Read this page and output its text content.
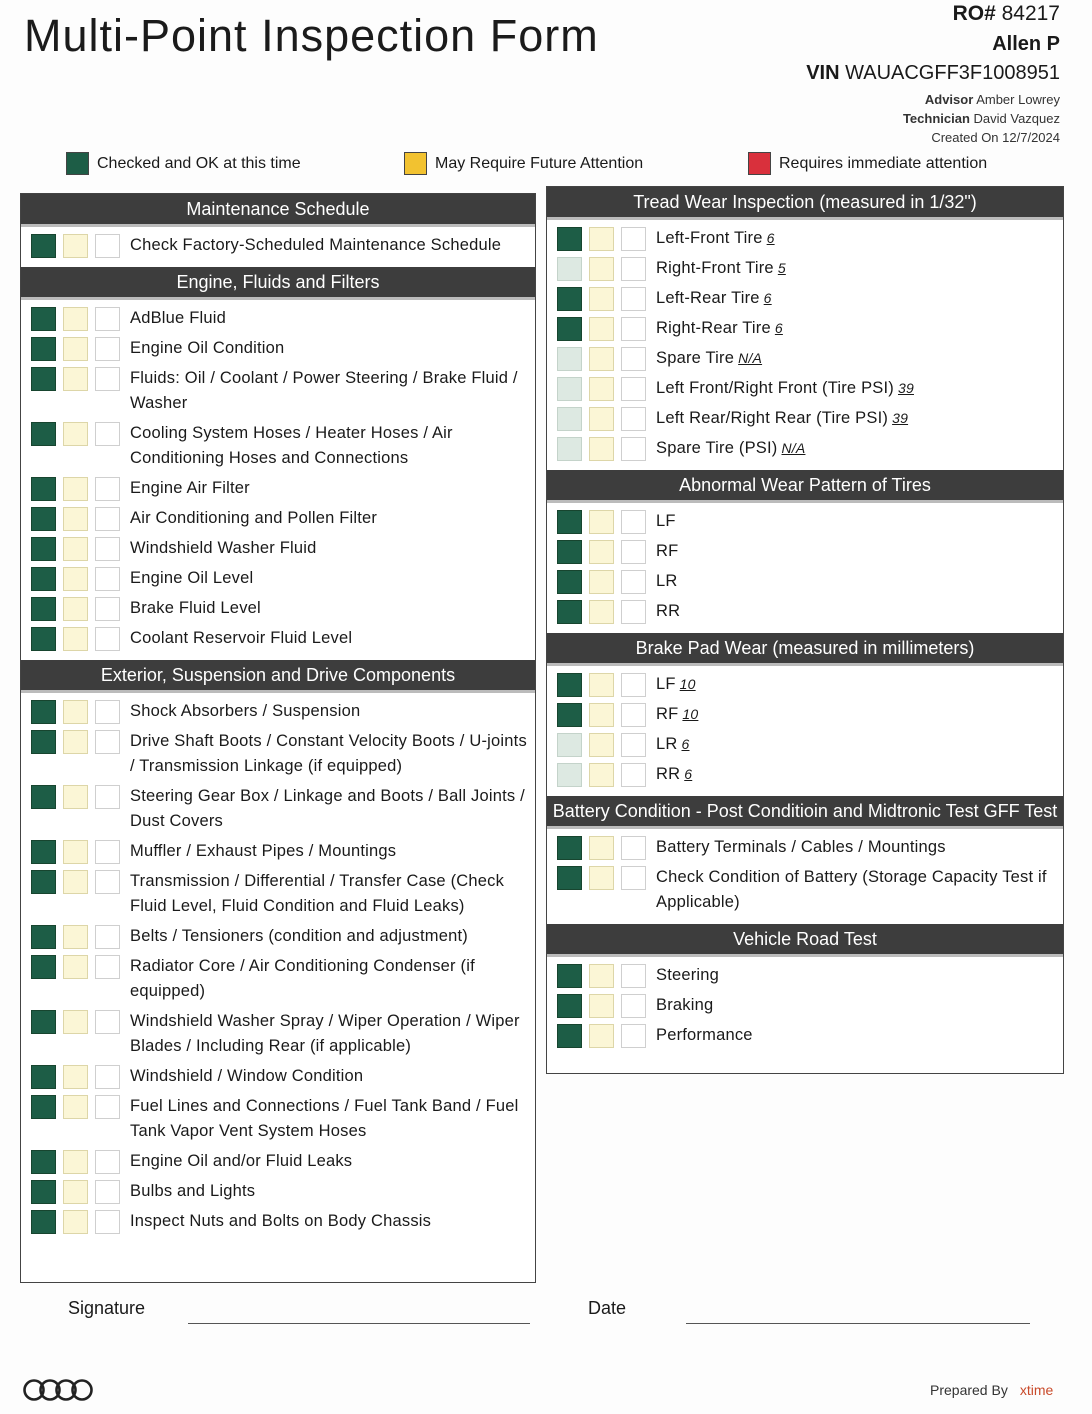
Multi-Point Inspection Form	RO# 84217
Allen P
VIN WAUACGFF3F1008951
Advisor Amber Lowrey
Technician David Vazquez
Created On 12/7/2024
Checked and OK at this time	May Require Future Attention	Requires immediate attention
Maintenance Schedule
Check Factory-Scheduled Maintenance Schedule
Engine, Fluids and Filters
AdBlue Fluid
Engine Oil Condition
Fluids: Oil / Coolant / Power Steering / Brake Fluid / Washer
Cooling System Hoses / Heater Hoses / Air Conditioning Hoses and Connections
Engine Air Filter
Air Conditioning and Pollen Filter
Windshield Washer Fluid
Engine Oil Level
Brake Fluid Level
Coolant Reservoir Fluid Level
Exterior, Suspension and Drive Components
Shock Absorbers / Suspension
Drive Shaft Boots / Constant Velocity Boots / U-joints / Transmission Linkage (if equipped)
Steering Gear Box / Linkage and Boots / Ball Joints / Dust Covers
Muffler / Exhaust Pipes / Mountings
Transmission / Differential / Transfer Case (Check Fluid Level, Fluid Condition and Fluid Leaks)
Belts / Tensioners (condition and adjustment)
Radiator Core / Air Conditioning Condenser (if equipped)
Windshield Washer Spray / Wiper Operation / Wiper Blades / Including Rear (if applicable)
Windshield / Window Condition
Fuel Lines and Connections / Fuel Tank Band / Fuel Tank Vapor Vent System Hoses
Engine Oil and/or Fluid Leaks
Bulbs and Lights
Inspect Nuts and Bolts on Body Chassis
Tread Wear Inspection (measured in 1/32")
Left-Front Tire 6
Right-Front Tire 5
Left-Rear Tire 6
Right-Rear Tire 6
Spare Tire N/A
Left Front/Right Front (Tire PSI) 39
Left Rear/Right Rear (Tire PSI) 39
Spare Tire (PSI) N/A
Abnormal Wear Pattern of Tires
LF
RF
LR
RR
Brake Pad Wear (measured in millimeters)
LF 10
RF 10
LR 6
RR 6
Battery Condition - Post Conditioin and Midtronic Test GFF Test
Battery Terminals / Cables / Mountings
Check Condition of Battery (Storage Capacity Test if Applicable)
Vehicle Road Test
Steering
Braking
Performance
Signature	Date
Prepared By xtime
